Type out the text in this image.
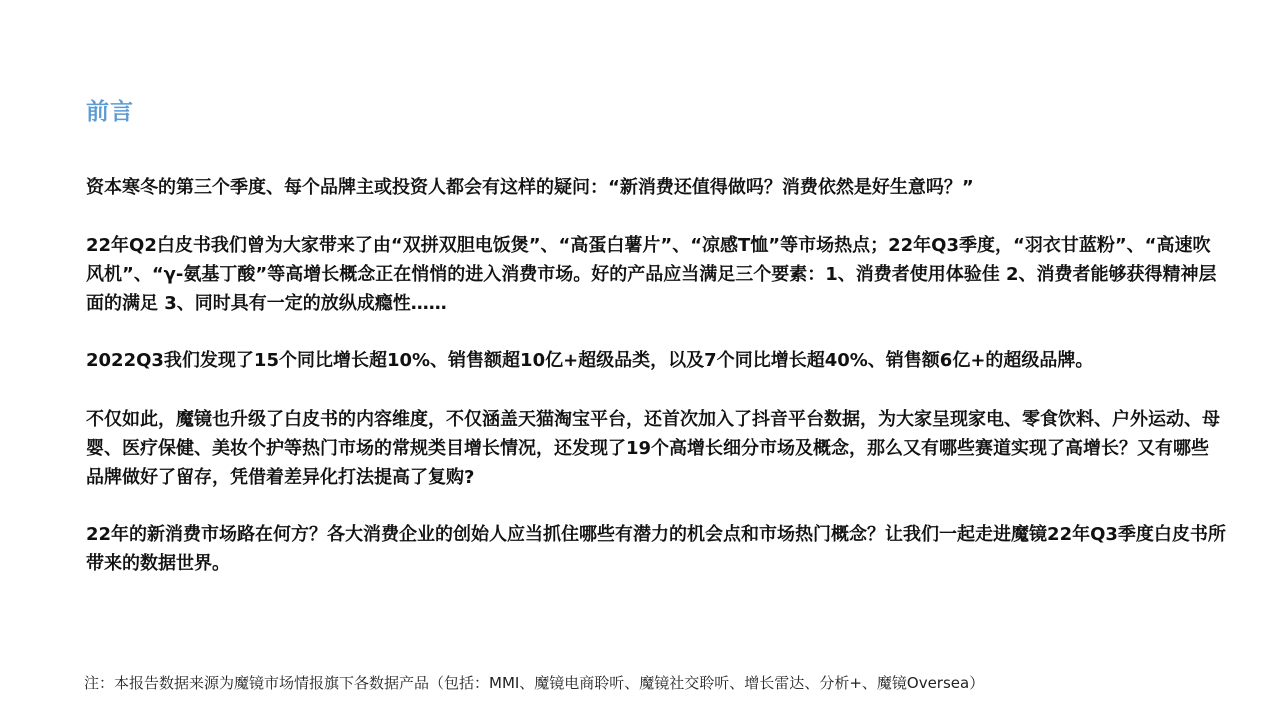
前言
资本寒冬的第三个季度、每个品牌主或投资人都会有这样的疑问：“新消费还值得做吗？消费依然是好生意吗？”
22年Q2白皮书我们曾为大家带来了由“双拼双胆电饭煲”、“高蛋白薯片”、“凉感T恤”等市场热点；22年Q3季度，“羽衣甘蓝粉”、“高速吹风机”、“γ-氨基丁酸”等高增长概念正在悄悄的进入消费市场。好的产品应当满足三个要素：1、消费者使用体验佳 2、消费者能够获得精神层面的满足 3、同时具有一定的放纵成瘾性……
2022Q3我们发现了15个同比增长超10%、销售额超10亿+超级品类，以及7个同比增长超40%、销售额6亿+的超级品牌。
不仅如此，魔镜也升级了白皮书的内容维度，不仅涵盖天猫淘宝平台，还首次加入了抖音平台数据，为大家呈现家电、零食饮料、户外运动、母婴、医疗保健、美妆个护等热门市场的常规类目增长情况，还发现了19个高增长细分市场及概念，那么又有哪些赛道实现了高增长？又有哪些品牌做好了留存，凭借着差异化打法提高了复购?
22年的新消费市场路在何方？各大消费企业的创始人应当抓住哪些有潜力的机会点和市场热门概念？让我们一起走进魔镜22年Q3季度白皮书所带来的数据世界。
注：本报告数据来源为魔镜市场情报旗下各数据产品（包括：MMI、魔镜电商聆听、魔镜社交聆听、增长雷达、分析+、魔镜Oversea）
